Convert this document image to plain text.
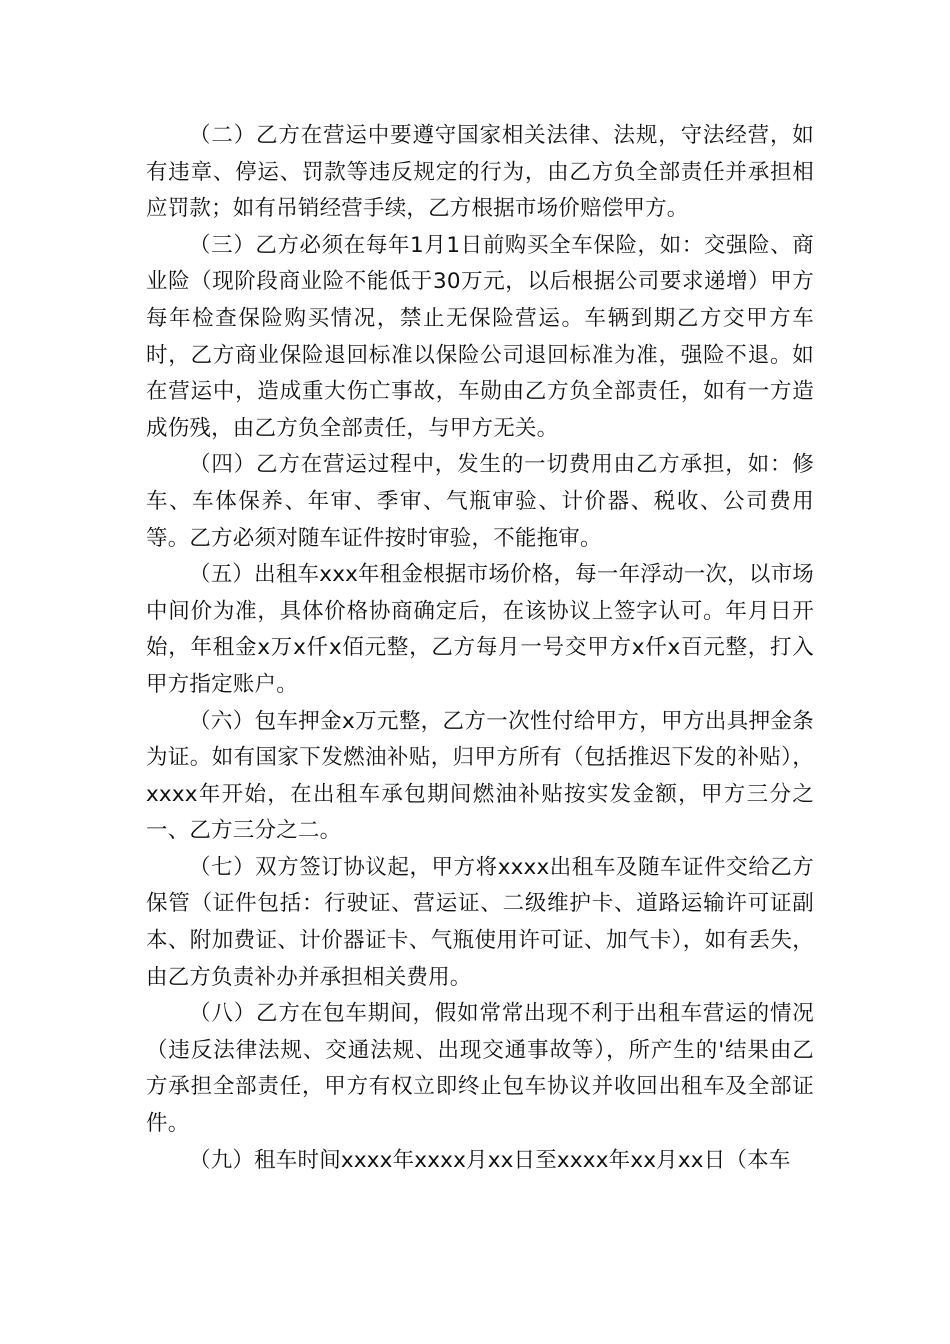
（二）乙方在营运中要遵守国家相关法律、法规，守法经营，如有违章、停运、罚款等违反规定的行为，由乙方负全部责任并承担相应罚款；如有吊销经营手续，乙方根据市场价赔偿甲方。

（三）乙方必须在每年1月1日前购买全车保险，如：交强险、商业险（现阶段商业险不能低于30万元，以后根据公司要求递增）甲方每年检查保险购买情况，禁止无保险营运。车辆到期乙方交甲方车时，乙方商业保险退回标准以保险公司退回标准为准，强险不退。如在营运中，造成重大伤亡事故，车勋由乙方负全部责任，如有一方造成伤残，由乙方负全部责任，与甲方无关。

（四）乙方在营运过程中，发生的一切费用由乙方承担，如：修车、车体保养、年审、季审、气瓶审验、计价器、税收、公司费用等。乙方必须对随车证件按时审验，不能拖审。

（五）出租车xxx年租金根据市场价格，每一年浮动一次，以市场中间价为准，具体价格协商确定后，在该协议上签字认可。年月日开始，年租金x万x仟x佰元整，乙方每月一号交甲方x仟x百元整，打入甲方指定账户。

（六）包车押金x万元整，乙方一次性付给甲方，甲方出具押金条为证。如有国家下发燃油补贴，归甲方所有（包括推迟下发的补贴），xxxx年开始，在出租车承包期间燃油补贴按实发金额，甲方三分之一、乙方三分之二。

（七）双方签订协议起，甲方将xxxx出租车及随车证件交给乙方保管（证件包括：行驶证、营运证、二级维护卡、道路运输许可证副本、附加费证、计价器证卡、气瓶使用许可证、加气卡），如有丢失，由乙方负责补办并承担相关费用。

（八）乙方在包车期间，假如常常出现不利于出租车营运的情况（违反法律法规、交通法规、出现交通事故等），所产生的'结果由乙方承担全部责任，甲方有权立即终止包车协议并收回出租车及全部证件。

（九）租车时间xxxx年xxxx月xx日至xxxx年xx月xx日（本车
